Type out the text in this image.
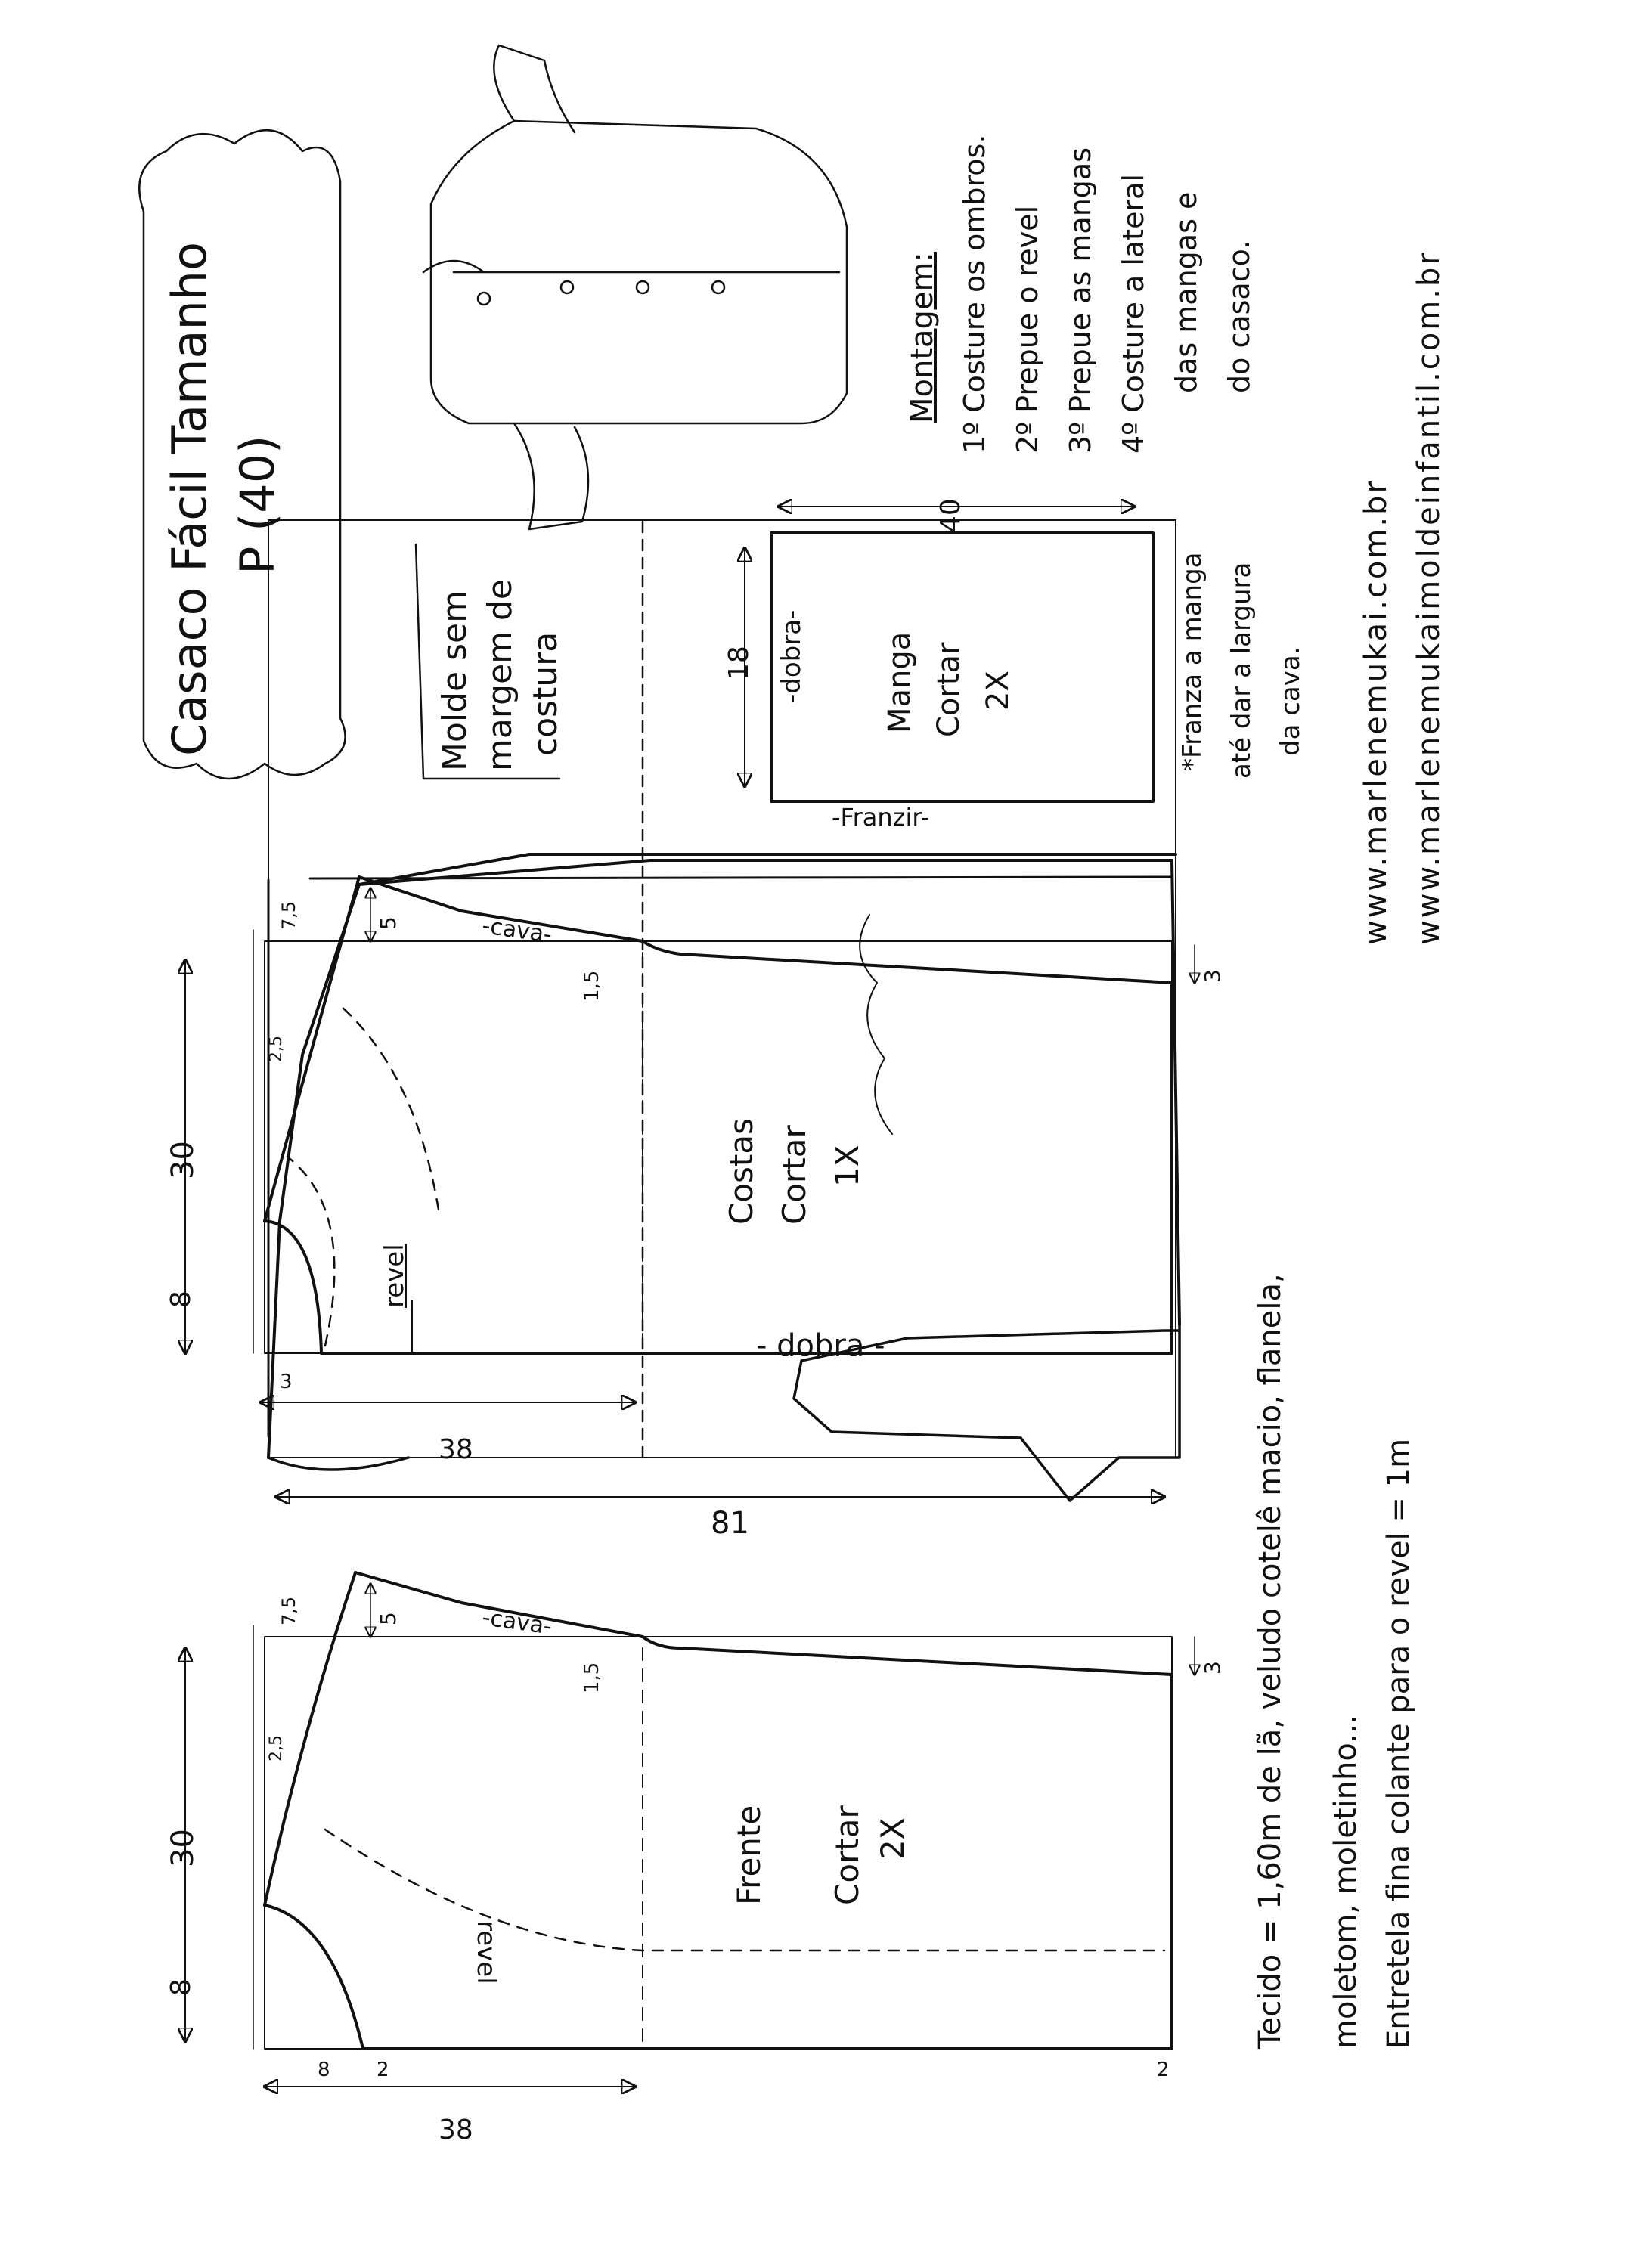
Casaco Fácil Tamanho P (40)
Molde sem margem de costura
Montagem: 1º Costure os ombros. 2º Prepue o revel 3º Prepue as mangas 4º Costure a lateral das mangas e do casaco.
40
18 -dobra-	Manga Cortar 2X
-Franzir-
*Franza a manga até dar a largura da cava.
Costas Cortar 1X
- dobra -
revel
-cava-
30
8
7,5	5
2,5
1,5	3
38
3
Frente Cortar 2X
revel
-cava-
30
8
7,5	5
2,5
1,5	3
38
8 2	2
81	Tecido = 1,60m de lã, veludo cotelê macio, flanela, moletom, moletinho... Entretela fina colante para o revel = 1m
www.marlenemukai.com.br www.marlenemukaimoldeinfantil.com.br
